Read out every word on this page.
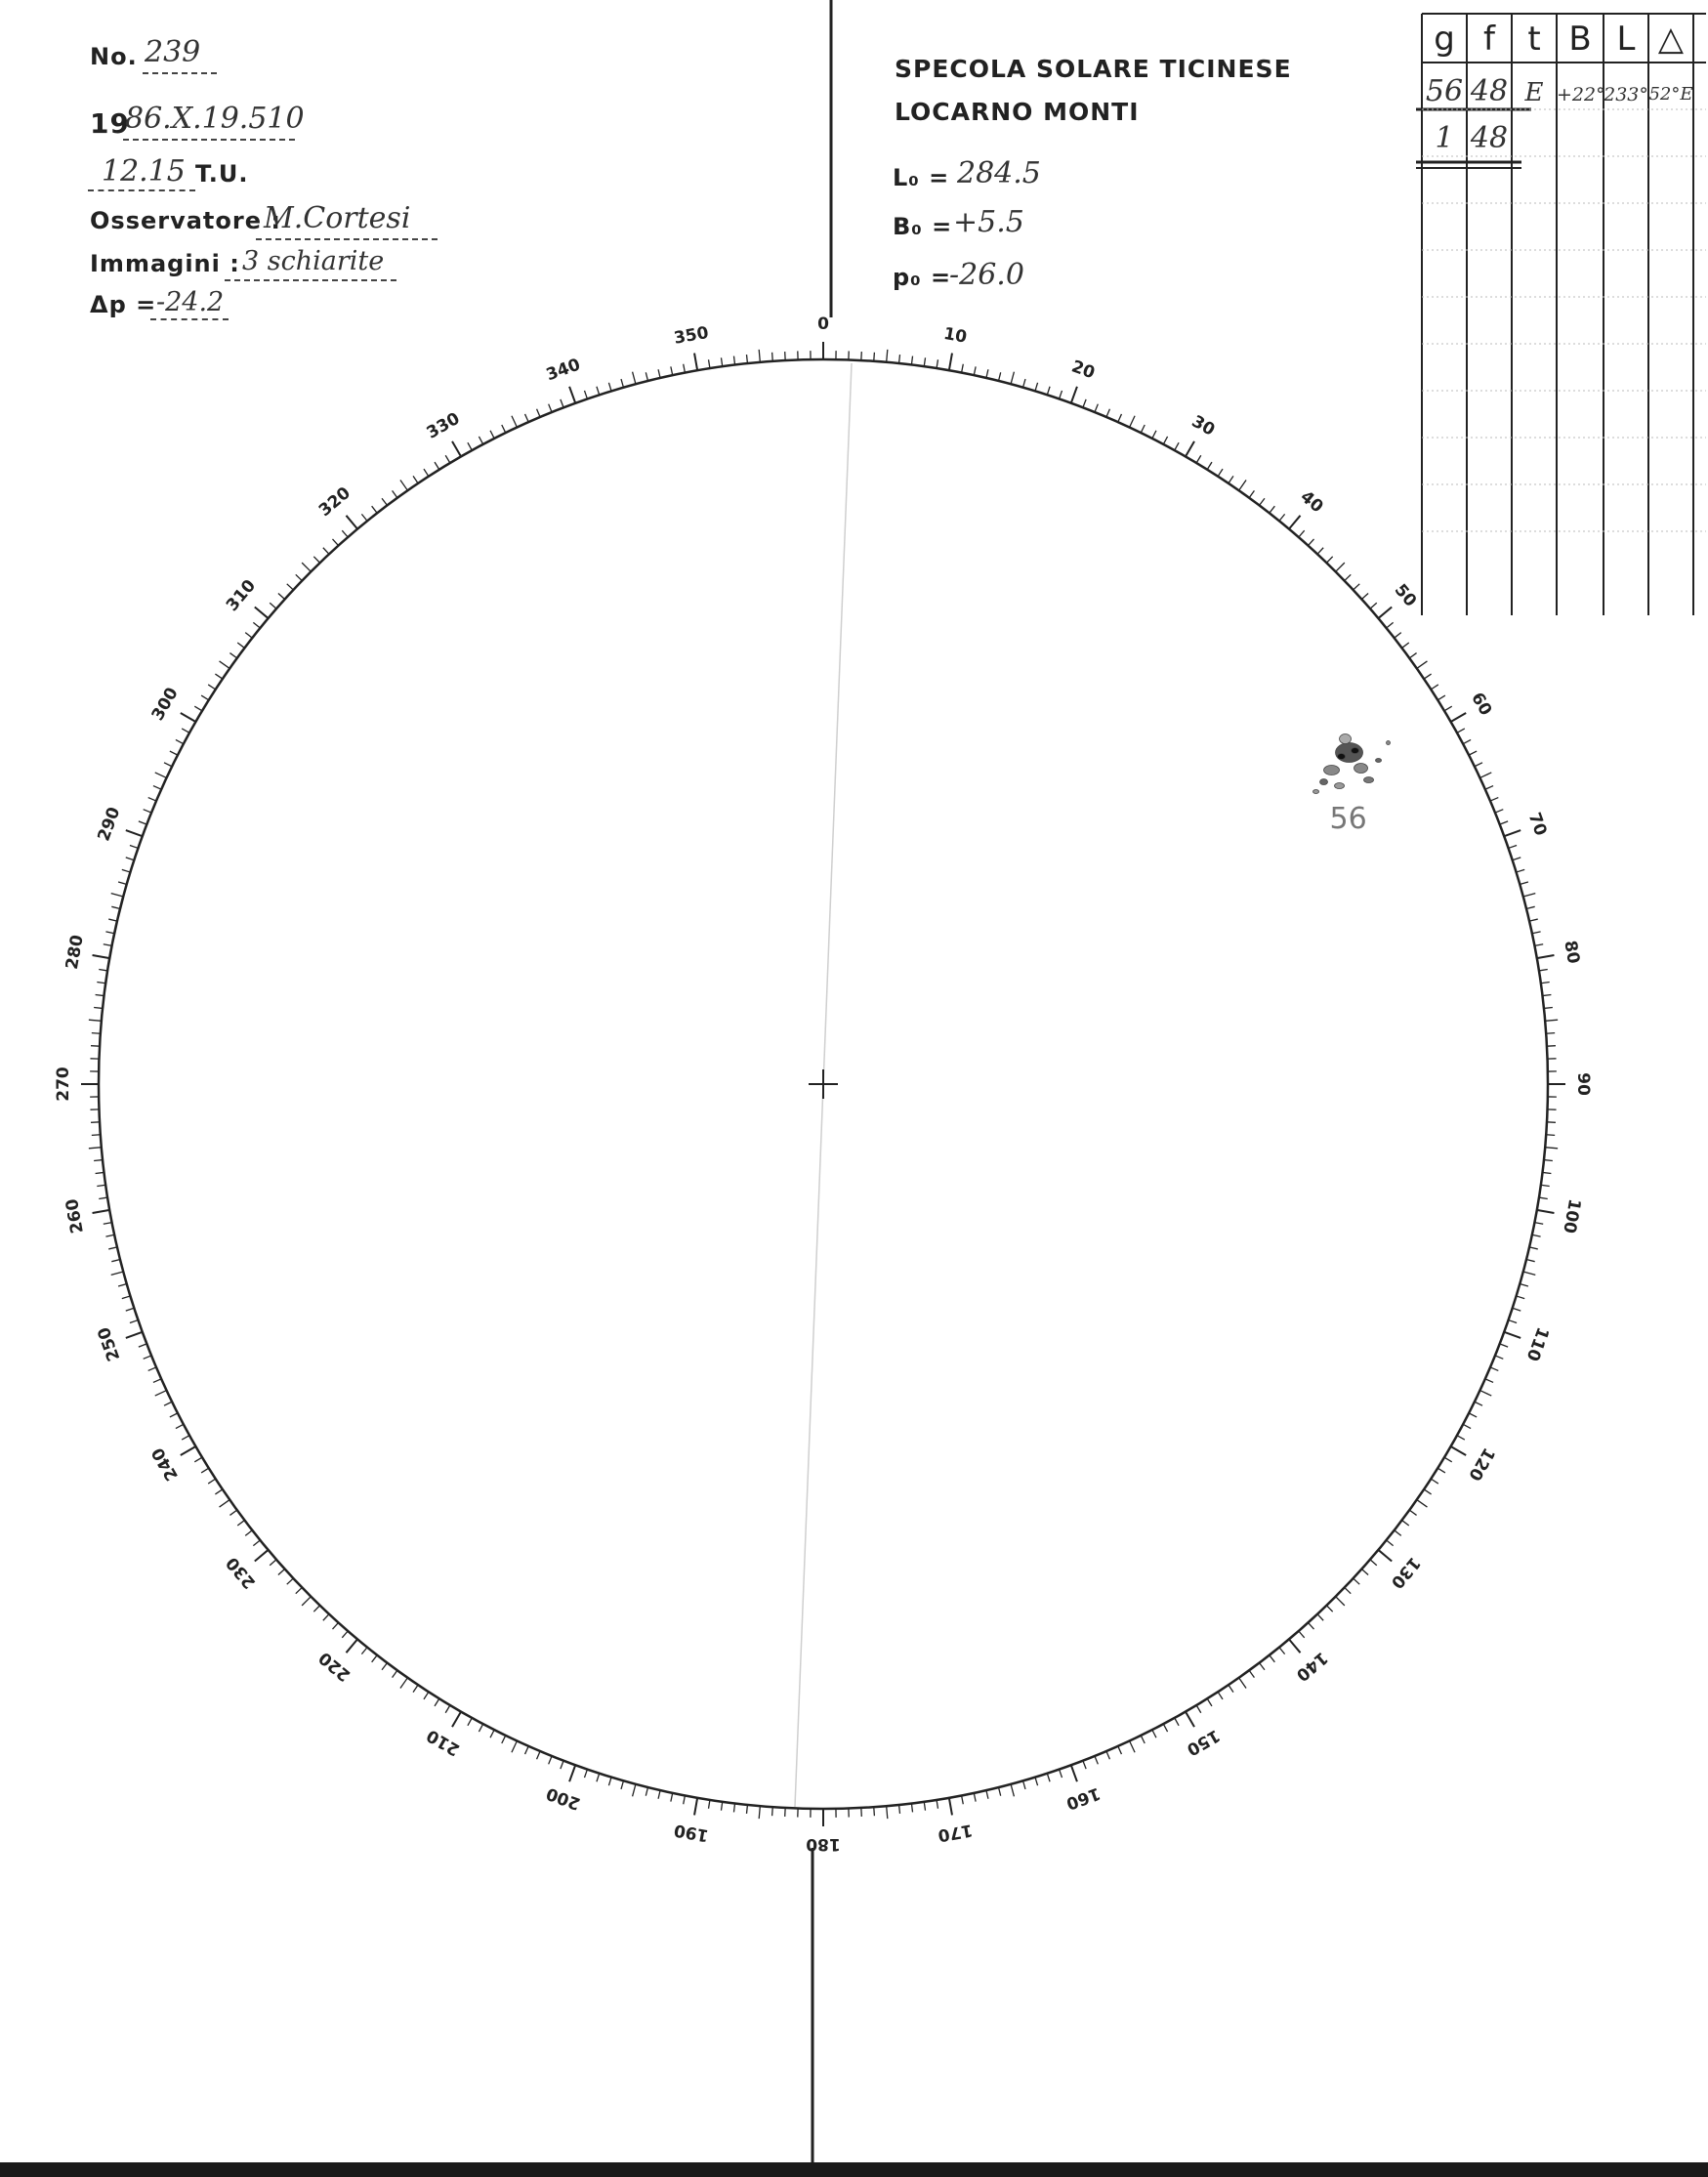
No. 239
19
86.X.19.510
12.15 T.U.
Osservatore :
M.Cortesi
Immagini : 3 schiarite
Δp = -24.2
SPECOLA SOLARE TICINESE
LOCARNO MONTI
L₀ = 284.5
B₀ = +5.5
p₀ =
-26.0
g f t B L △
56 48 E +22°
233° 52°E
1 48
0	10
20
30
40
50
60
70
80
90
100
110
120
130
140
150
160
170
180
190
200
210
220
230
240
250
260
270
280
290
300
310
320
330
340
350
56
